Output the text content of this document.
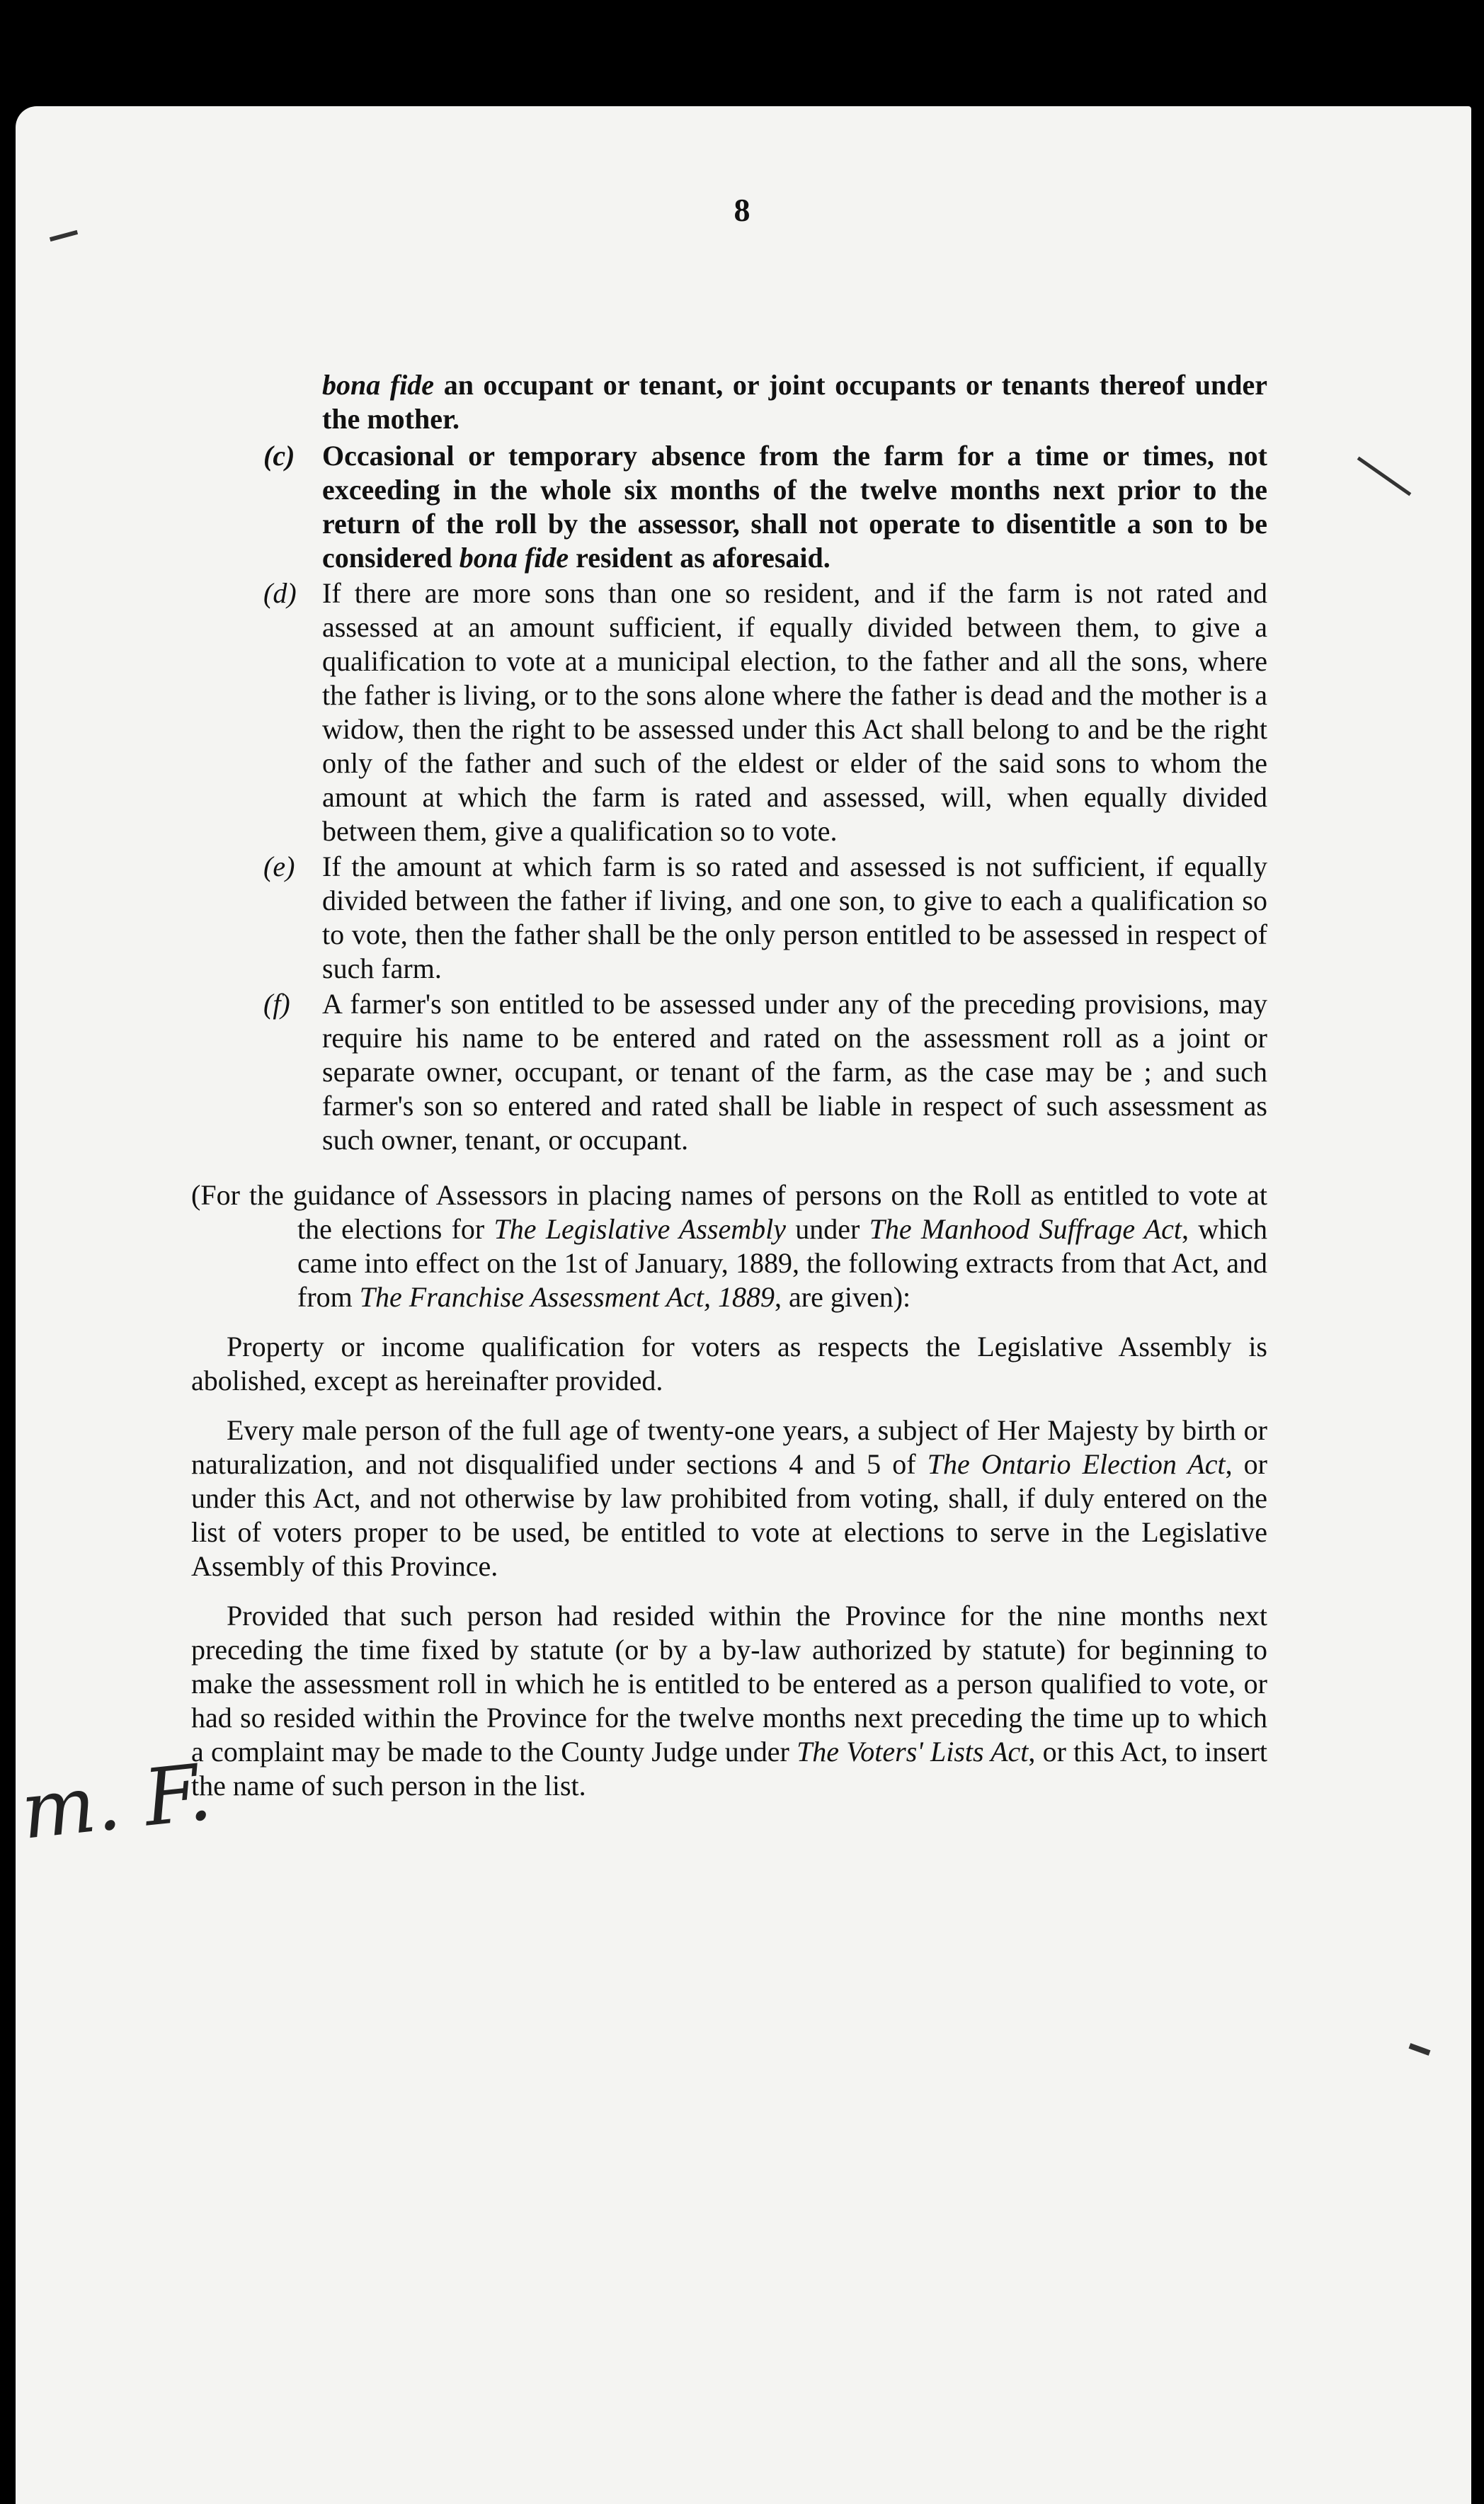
8
m. F.
bona fide an occupant or tenant, or joint occupants or tenants thereof under the mother.
(c) Occasional or temporary absence from the farm for a time or times, not exceeding in the whole six months of the twelve months next prior to the return of the roll by the assessor, shall not operate to disentitle a son to be considered bona fide resident as aforesaid.
(d) If there are more sons than one so resident, and if the farm is not rated and assessed at an amount sufficient, if equally divided between them, to give a qualification to vote at a municipal election, to the father and all the sons, where the father is living, or to the sons alone where the father is dead and the mother is a widow, then the right to be assessed under this Act shall belong to and be the right only of the father and such of the eldest or elder of the said sons to whom the amount at which the farm is rated and assessed, will, when equally divided between them, give a qualification so to vote.
(e) If the amount at which farm is so rated and assessed is not sufficient, if equally divided between the father if living, and one son, to give to each a qualification so to vote, then the father shall be the only person entitled to be assessed in respect of such farm.
(f) A farmer's son entitled to be assessed under any of the preceding provisions, may require his name to be entered and rated on the assessment roll as a joint or separate owner, occupant, or tenant of the farm, as the case may be ; and such farmer's son so entered and rated shall be liable in respect of such assessment as such owner, tenant, or occupant.
(For the guidance of Assessors in placing names of persons on the Roll as entitled to vote at the elections for The Legislative Assembly under The Manhood Suffrage Act, which came into effect on the 1st of January, 1889, the following extracts from that Act, and from The Franchise Assessment Act, 1889, are given):
Property or income qualification for voters as respects the Legislative Assembly is abolished, except as hereinafter provided.
Every male person of the full age of twenty-one years, a subject of Her Majesty by birth or naturalization, and not disqualified under sections 4 and 5 of The Ontario Election Act, or under this Act, and not otherwise by law prohibited from voting, shall, if duly entered on the list of voters proper to be used, be entitled to vote at elections to serve in the Legislative Assembly of this Province.
Provided that such person had resided within the Province for the nine months next preceding the time fixed by statute (or by a by-law authorized by statute) for beginning to make the assessment roll in which he is entitled to be entered as a person qualified to vote, or had so resided within the Province for the twelve months next preceding the time up to which a complaint may be made to the County Judge under The Voters' Lists Act, or this Act, to insert the name of such person in the list.
